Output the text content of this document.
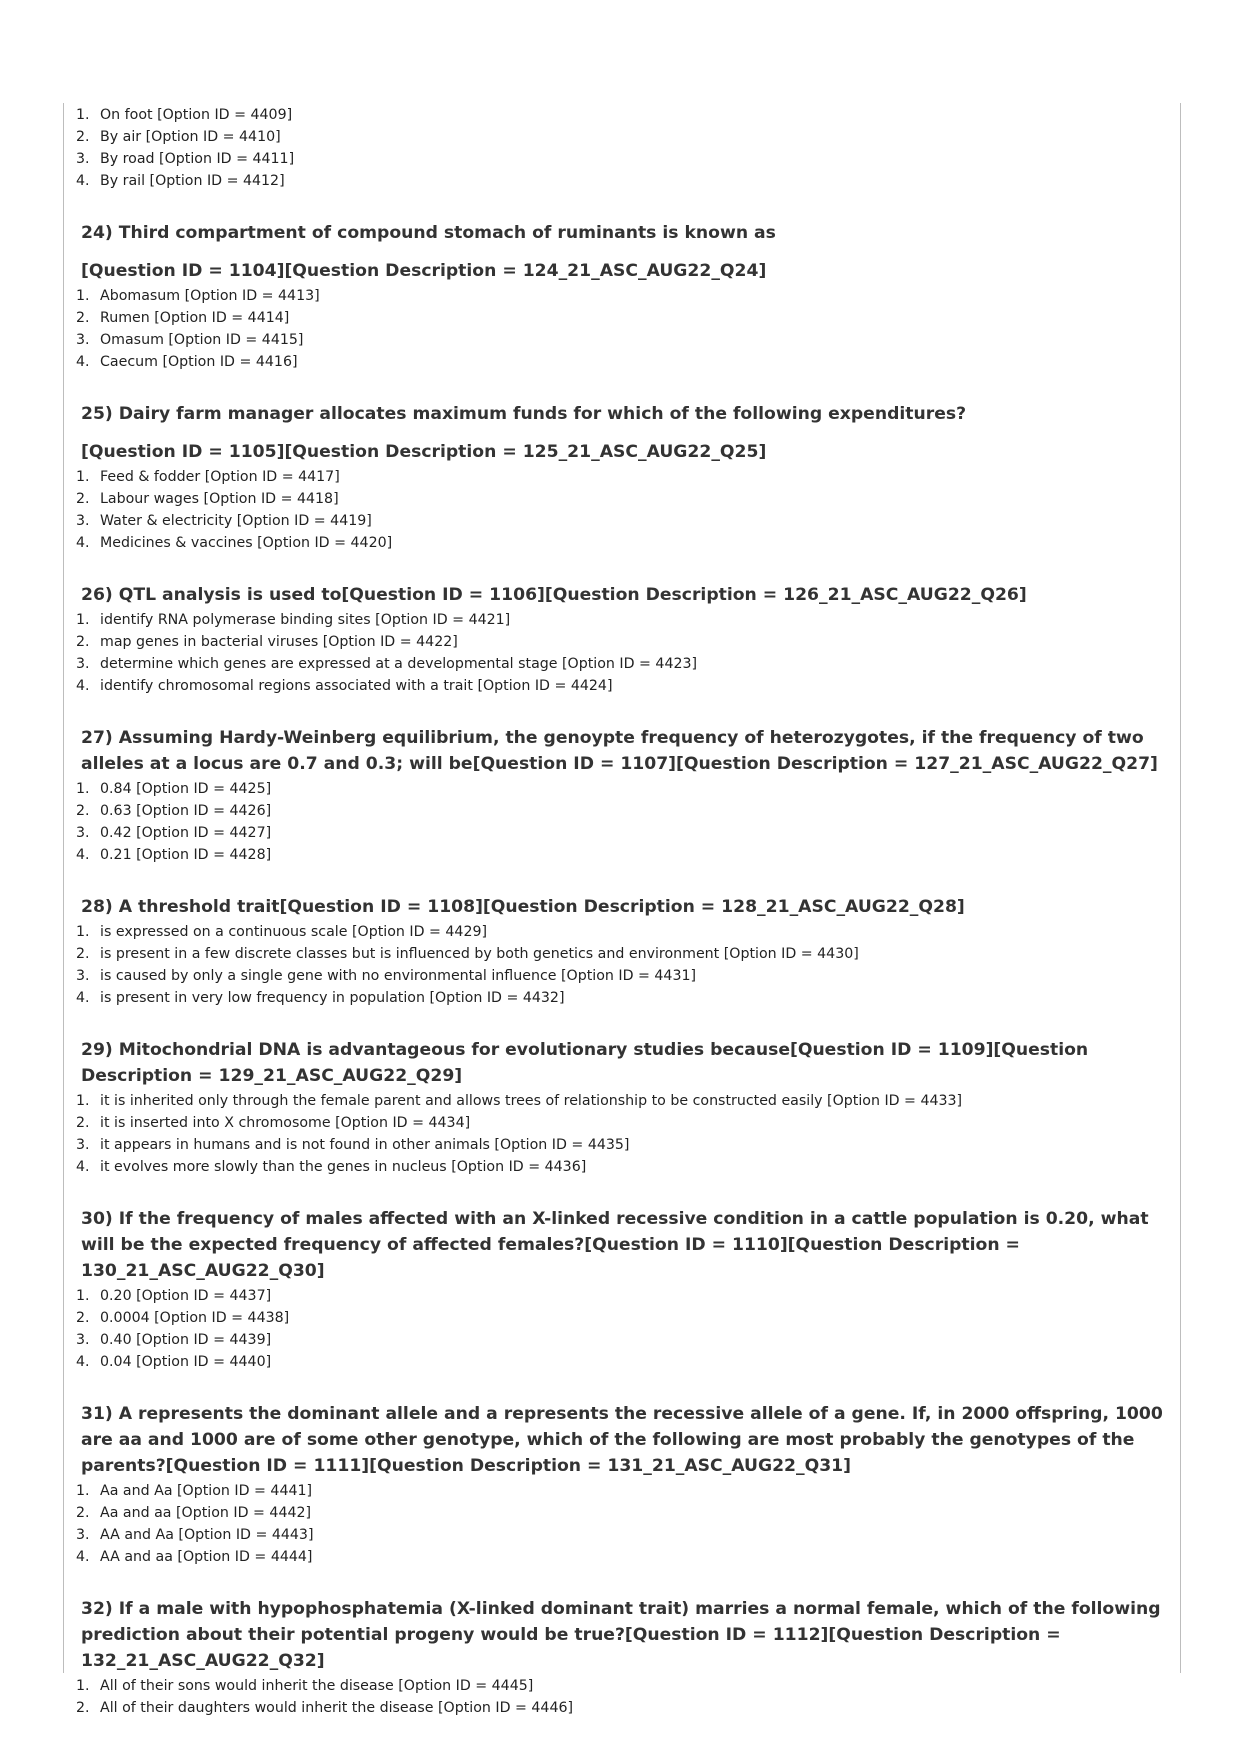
1. On foot [Option ID = 4409]
2. By air [Option ID = 4410]
3. By road [Option ID = 4411]
4. By rail [Option ID = 4412]

24) Third compartment of compound stomach of ruminants is known as

[Question ID = 1104][Question Description = 124_21_ASC_AUG22_Q24]

1. Abomasum [Option ID = 4413]
2. Rumen [Option ID = 4414]
3. Omasum [Option ID = 4415]
4. Caecum [Option ID = 4416]

25) Dairy farm manager allocates maximum funds for which of the following expenditures?

[Question ID = 1105][Question Description = 125_21_ASC_AUG22_Q25]

1. Feed & fodder [Option ID = 4417]
2. Labour wages [Option ID = 4418]
3. Water & electricity [Option ID = 4419]
4. Medicines & vaccines [Option ID = 4420]

26) QTL analysis is used to[Question ID = 1106][Question Description = 126_21_ASC_AUG22_Q26]

1. identify RNA polymerase binding sites [Option ID = 4421]
2. map genes in bacterial viruses [Option ID = 4422]
3. determine which genes are expressed at a developmental stage [Option ID = 4423]
4. identify chromosomal regions associated with a trait [Option ID = 4424]

27) Assuming Hardy-Weinberg equilibrium, the genoypte frequency of heterozygotes, if the frequency of two alleles at a locus are 0.7 and 0.3; will be[Question ID = 1107][Question Description = 127_21_ASC_AUG22_Q27]

1. 0.84 [Option ID = 4425]
2. 0.63 [Option ID = 4426]
3. 0.42 [Option ID = 4427]
4. 0.21 [Option ID = 4428]

28) A threshold trait[Question ID = 1108][Question Description = 128_21_ASC_AUG22_Q28]

1. is expressed on a continuous scale [Option ID = 4429]
2. is present in a few discrete classes but is influenced by both genetics and environment [Option ID = 4430]
3. is caused by only a single gene with no environmental influence [Option ID = 4431]
4. is present in very low frequency in population [Option ID = 4432]

29) Mitochondrial DNA is advantageous for evolutionary studies because[Question ID = 1109][Question Description = 129_21_ASC_AUG22_Q29]

1. it is inherited only through the female parent and allows trees of relationship to be constructed easily [Option ID = 4433]
2. it is inserted into X chromosome [Option ID = 4434]
3. it appears in humans and is not found in other animals [Option ID = 4435]
4. it evolves more slowly than the genes in nucleus [Option ID = 4436]

30) If the frequency of males affected with an X-linked recessive condition in a cattle population is 0.20, what will be the expected frequency of affected females?[Question ID = 1110][Question Description = 130_21_ASC_AUG22_Q30]

1. 0.20 [Option ID = 4437]
2. 0.0004 [Option ID = 4438]
3. 0.40 [Option ID = 4439]
4. 0.04 [Option ID = 4440]

31) A represents the dominant allele and a represents the recessive allele of a gene. If, in 2000 offspring, 1000 are aa and 1000 are of some other genotype, which of the following are most probably the genotypes of the parents?[Question ID = 1111][Question Description = 131_21_ASC_AUG22_Q31]

1. Aa and Aa [Option ID = 4441]
2. Aa and aa [Option ID = 4442]
3. AA and Aa [Option ID = 4443]
4. AA and aa [Option ID = 4444]

32) If a male with hypophosphatemia (X-linked dominant trait) marries a normal female, which of the following prediction about their potential progeny would be true?[Question ID = 1112][Question Description = 132_21_ASC_AUG22_Q32]

1. All of their sons would inherit the disease [Option ID = 4445]
2. All of their daughters would inherit the disease [Option ID = 4446]
